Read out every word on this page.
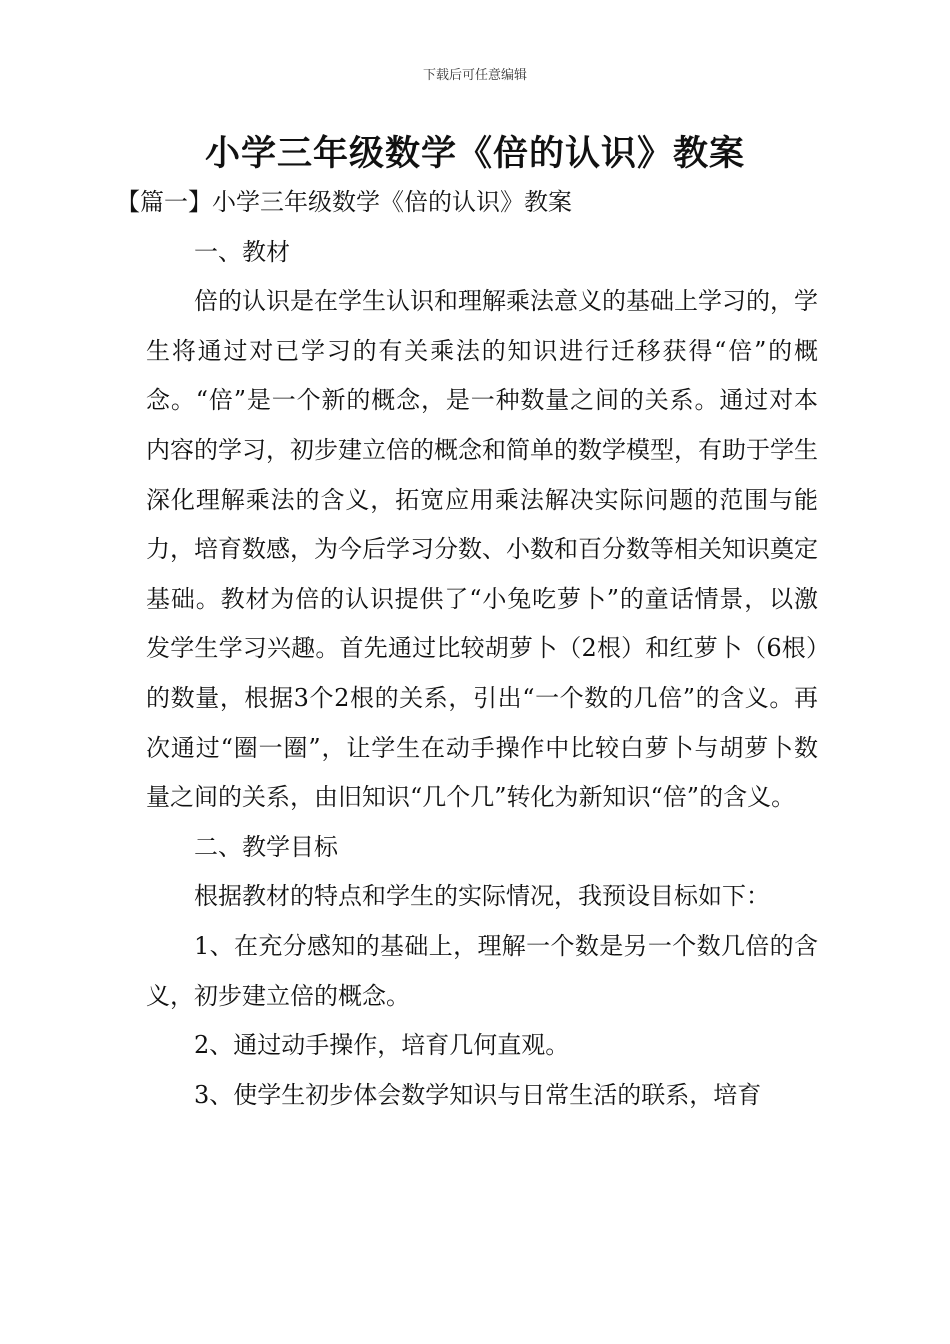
下载后可任意编辑
小学三年级数学《倍的认识》教案

【篇一】小学三年级数学《倍的认识》教案

一、教材

倍的认识是在学生认识和理解乘法意义的基础上学习的，学生将通过对已学习的有关乘法的知识进行迁移获得“倍”的概念。“倍”是一个新的概念，是一种数量之间的关系。通过对本内容的学习，初步建立倍的概念和简单的数学模型，有助于学生深化理解乘法的含义，拓宽应用乘法解决实际问题的范围与能力，培育数感，为今后学习分数、小数和百分数等相关知识奠定基础。教材为倍的认识提供了“小兔吃萝卜”的童话情景，以激发学生学习兴趣。首先通过比较胡萝卜（2根）和红萝卜（6根）的数量，根据3个2根的关系，引出“一个数的几倍”的含义。再次通过“圈一圈”，让学生在动手操作中比较白萝卜与胡萝卜数量之间的关系，由旧知识“几个几”转化为新知识“倍”的含义。

二、教学目标

根据教材的特点和学生的实际情况，我预设目标如下：

1、在充分感知的基础上，理解一个数是另一个数几倍的含义，初步建立倍的概念。

2、通过动手操作，培育几何直观。

3、使学生初步体会数学知识与日常生活的联系，培育
